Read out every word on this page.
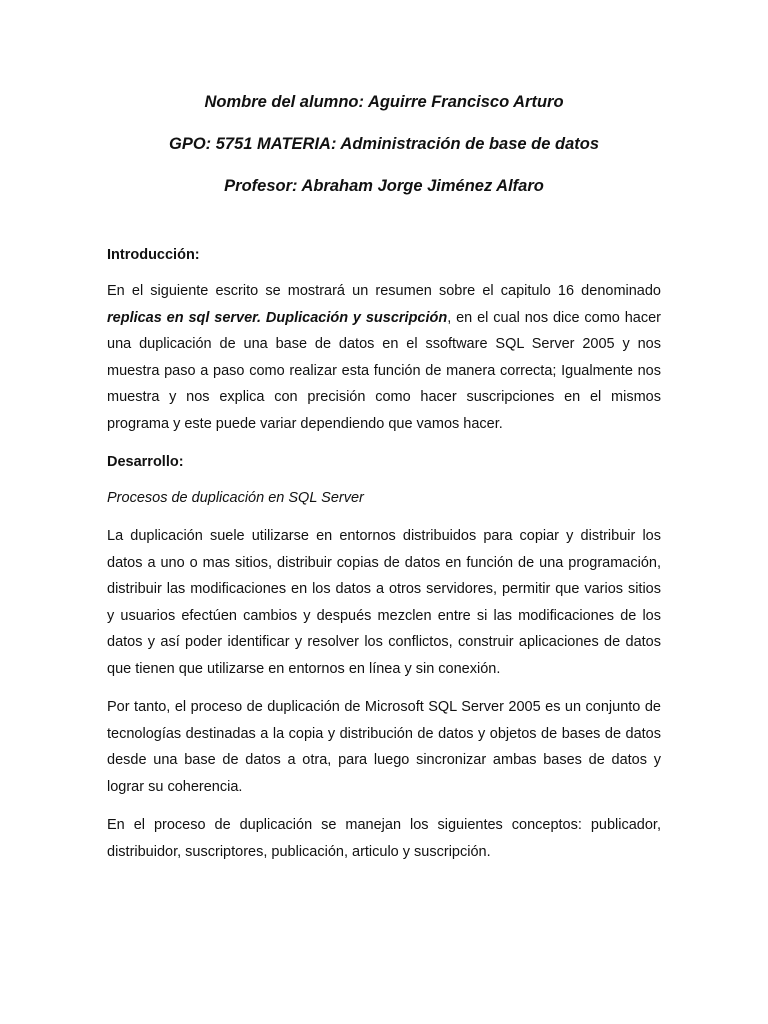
Nombre del alumno: Aguirre Francisco Arturo
GPO: 5751 MATERIA: Administración de base de datos
Profesor: Abraham Jorge Jiménez Alfaro
Introducción:

En el siguiente escrito se mostrará un resumen sobre el capitulo 16 denominado replicas en sql server. Duplicación y suscripción, en el cual nos dice como hacer una duplicación de una base de datos en el ssoftware SQL Server 2005 y nos muestra paso a paso como realizar esta función de manera correcta; Igualmente nos muestra y nos explica con precisión como hacer suscripciones en el mismos programa y este puede variar dependiendo que vamos hacer.

Desarrollo:
Procesos de duplicación en SQL Server

La duplicación suele utilizarse en entornos distribuidos para copiar y distribuir los datos a uno o mas sitios, distribuir copias de datos en función de una programación, distribuir las modificaciones en los datos a otros servidores, permitir que varios sitios y usuarios efectúen cambios y después mezclen entre si las modificaciones de los datos y así poder identificar y resolver los conflictos, construir aplicaciones de datos que tienen que utilizarse en entornos en línea y sin conexión.

Por tanto, el proceso de duplicación de Microsoft SQL Server 2005 es un conjunto de tecnologías destinadas a la copia y distribución de datos y objetos de bases de datos desde una base de datos a otra, para luego sincronizar ambas bases de datos y lograr su coherencia.

En el proceso de duplicación se manejan los siguientes conceptos: publicador, distribuidor, suscriptores, publicación, articulo y suscripción.
